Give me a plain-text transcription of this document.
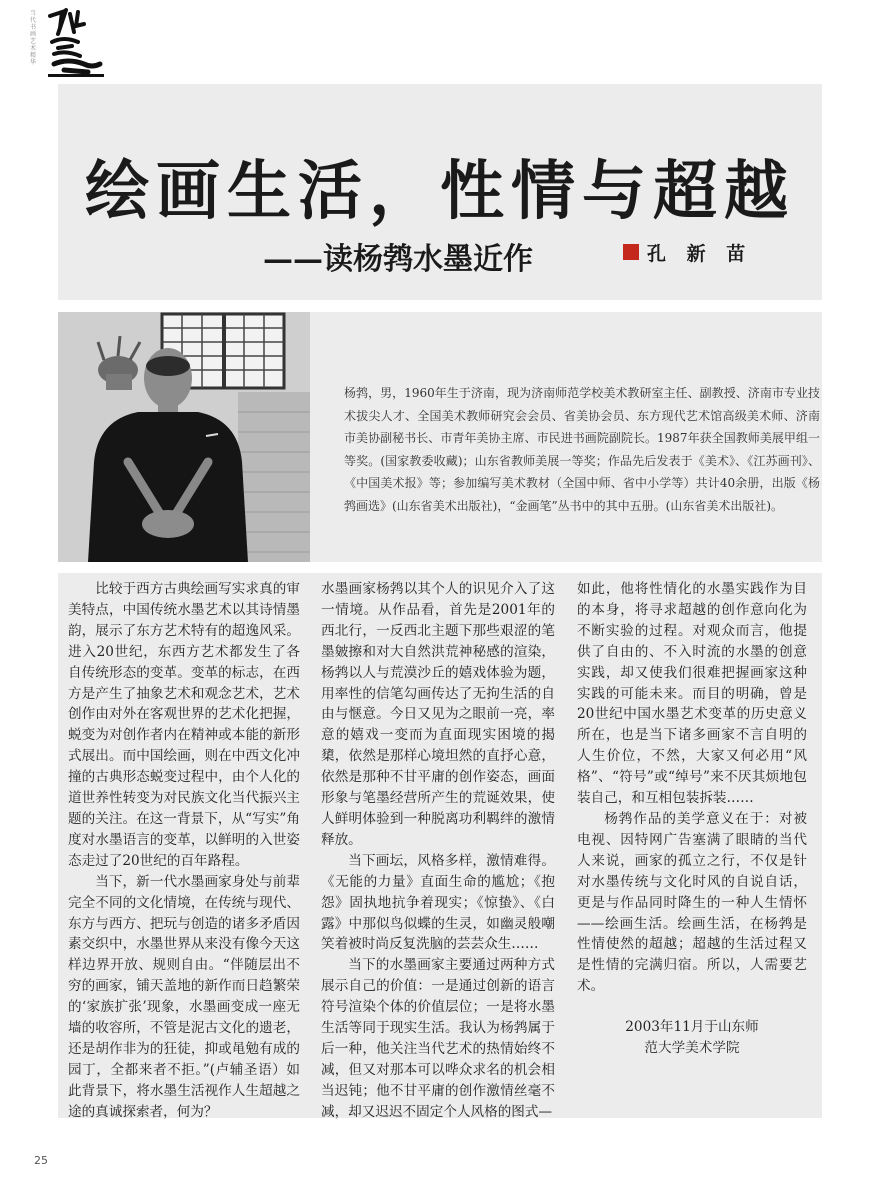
当代书画艺术精华
绘画生活，性情与超越
——读杨鹁水墨近作	孔 新 苗

杨鹁，男，1960年生于济南，现为济南师范学校美术教研室主任、副教授、济南市专业技术拔尖人才、全国美术教师研究会会员、省美协会员、东方现代艺术馆高级美术师、济南市美协副秘书长、市青年美协主席、市民进书画院副院长。1987年获全国教师美展甲组一等奖。(国家教委收藏)；山东省教师美展一等奖；作品先后发表于《美术》、《江苏画刊》、《中国美术报》等；参加编写美术教材（全国中师、省中小学等）共计40余册，出版《杨鹁画选》(山东省美术出版社)，“金画笔”丛书中的其中五册。(山东省美术出版社)。

比较于西方古典绘画写实求真的审美特点，中国传统水墨艺术以其诗情墨韵，展示了东方艺术特有的超逸风采。进入20世纪，东西方艺术都发生了各自传统形态的变革。变革的标志，在西方是产生了抽象艺术和观念艺术，艺术创作由对外在客观世界的艺术化把握，蜕变为对创作者内在精神或本能的新形式展出。而中国绘画，则在中西文化冲撞的古典形态蜕变过程中，由个人化的道世养性转变为对民族文化当代振兴主题的关注。在这一背景下，从“写实”角度对水墨语言的变革，以鲜明的入世姿态走过了20世纪的百年路程。

当下，新一代水墨画家身处与前辈完全不同的文化情境，在传统与现代、东方与西方、把玩与创造的诸多矛盾因素交织中，水墨世界从来没有像今天这样边界开放、规则自由。“伴随层出不穷的画家，铺天盖地的新作而日趋繁荣的‘家族扩张’现象，水墨画变成一座无墙的收容所，不管是泥古文化的遗老，还是胡作非为的狂徒，抑或黾勉有成的园丁，全都来者不拒。”(卢辅圣语）如此背景下，将水墨生活视作人生超越之途的真诚探索者，何为？

水墨画家杨鹁以其个人的识见介入了这一情境。从作品看，首先是2001年的西北行，一反西北主题下那些艰涩的笔墨皴擦和对大自然洪荒神秘感的渲染，杨鹁以人与荒漠沙丘的嬉戏体验为题，用率性的信笔勾画传达了无拘生活的自由与惬意。今日又见为之眼前一亮，率意的嬉戏一变而为直面现实困境的揭橥，依然是那样心境坦然的直抒心意，依然是那种不甘平庸的创作姿态，画面形象与笔墨经营所产生的荒诞效果，使人鲜明体验到一种脱离功利羁绊的激情释放。

当下画坛，风格多样，激情难得。《无能的力量》直面生命的尴尬；《抱怨》固执地抗争着现实；《惊蛰》、《白露》中那似鸟似蝶的生灵，如幽灵般嘲笑着被时尚反复洗脑的芸芸众生……

当下的水墨画家主要通过两种方式展示自己的价值：一是通过创新的语言符号渲染个体的价值层位；一是将水墨生活等同于现实生活。我认为杨鹁属于后一种，他关注当代艺术的热情始终不减，但又对那本可以哗众求名的机会相当迟钝；他不甘平庸的创作激情丝毫不减，却又迟迟不固定个人风格的图式—

如此，他将性情化的水墨实践作为目的本身，将寻求超越的创作意向化为不断实验的过程。对观众而言，他提供了自由的、不入时流的水墨的创意实践，却又使我们很难把握画家这种实践的可能未来。而目的明确，曾是20世纪中国水墨艺术变革的历史意义所在，也是当下诸多画家不言自明的人生价位，不然，大家又何必用“风格”、“符号”或“绰号”来不厌其烦地包装自己，和互相包装拆装……

杨鹁作品的美学意义在于：对被电视、因特网广告塞满了眼睛的当代人来说，画家的孤立之行，不仅是针对水墨传统与文化时风的自说自话，更是与作品同时降生的一种人生情怀——绘画生活。绘画生活，在杨鹁是性情使然的超越；超越的生活过程又是性情的完满归宿。所以，人需要艺术。

2003年11月于山东师
范大学美术学院
25
